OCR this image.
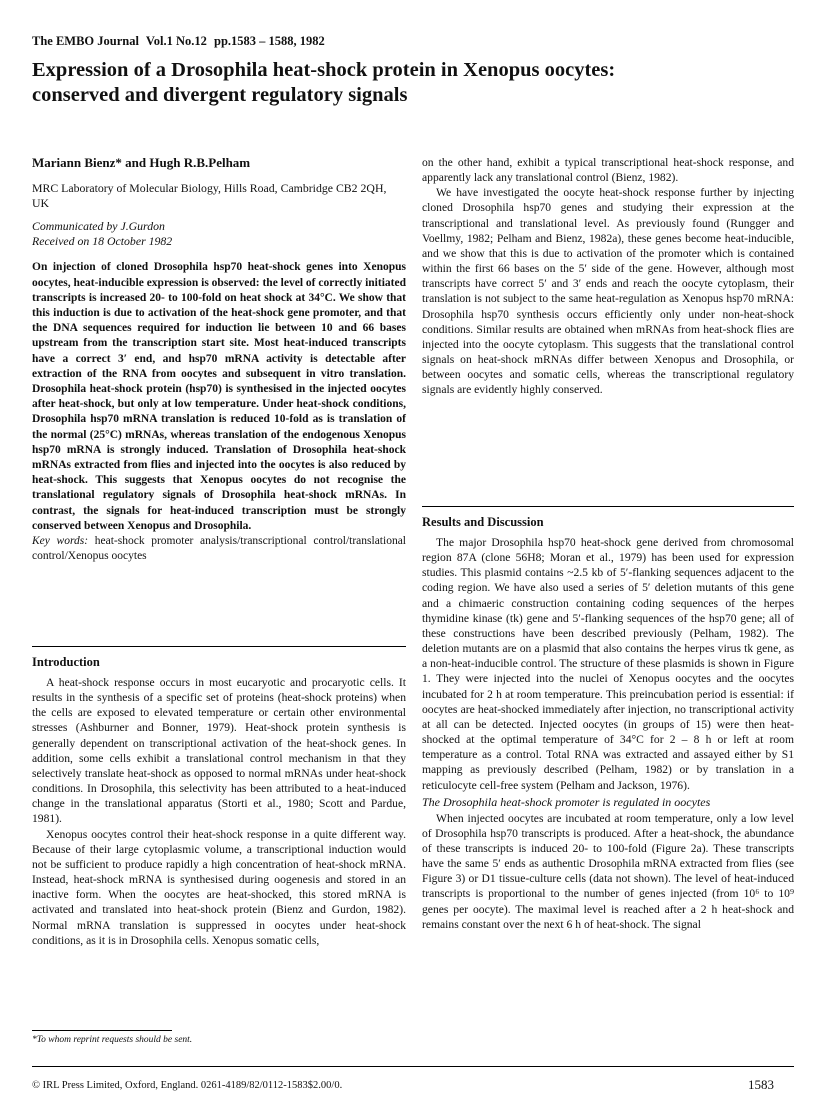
The EMBO Journal Vol.1 No.12 pp.1583 – 1588, 1982
Expression of a Drosophila heat-shock protein in Xenopus oocytes:
conserved and divergent regulatory signals

Mariann Bienz* and Hugh R.B.Pelham

MRC Laboratory of Molecular Biology, Hills Road, Cambridge CB2 2QH, UK

Communicated by J.Gurdon
Received on 18 October 1982

On injection of cloned Drosophila hsp70 heat-shock genes into Xenopus oocytes, heat-inducible expression is observed: the level of correctly initiated transcripts is increased 20- to 100-fold on heat shock at 34°C. We show that this induction is due to activation of the heat-shock gene promoter, and that the DNA sequences required for induction lie between 10 and 66 bases upstream from the transcription start site. Most heat-induced transcripts have a correct 3′ end, and hsp70 mRNA activity is detectable after extraction of the RNA from oocytes and subsequent in vitro translation. Drosophila heat-shock protein (hsp70) is synthesised in the injected oocytes after heat-shock, but only at low temperature. Under heat-shock conditions, Drosophila hsp70 mRNA translation is reduced 10-fold as is translation of the normal (25°C) mRNAs, whereas translation of the endogenous Xenopus hsp70 mRNA is strongly induced. Translation of Drosophila heat-shock mRNAs extracted from flies and injected into the oocytes is also reduced by heat-shock. This suggests that Xenopus oocytes do not recognise the translational regulatory signals of Drosophila heat-shock mRNAs. In contrast, the signals for heat-induced transcription must be strongly conserved between Xenopus and Drosophila.

Key words: heat-shock promoter analysis/transcriptional control/translational control/Xenopus oocytes

Introduction

A heat-shock response occurs in most eucaryotic and procaryotic cells. It results in the synthesis of a specific set of proteins (heat-shock proteins) when the cells are exposed to elevated temperature or certain other environmental stresses (Ashburner and Bonner, 1979). Heat-shock protein synthesis is generally dependent on transcriptional activation of the heat-shock genes. In addition, some cells exhibit a translational control mechanism in that they selectively translate heat-shock as opposed to normal mRNAs under heat-shock conditions. In Drosophila, this selectivity has been attributed to a heat-induced change in the translational apparatus (Storti et al., 1980; Scott and Pardue, 1981).

Xenopus oocytes control their heat-shock response in a quite different way. Because of their large cytoplasmic volume, a transcriptional induction would not be sufficient to produce rapidly a high concentration of heat-shock mRNA. Instead, heat-shock mRNA is synthesised during oogenesis and stored in an inactive form. When the oocytes are heat-shocked, this stored mRNA is activated and translated into heat-shock protein (Bienz and Gurdon, 1982). Normal mRNA translation is suppressed in oocytes under heat-shock conditions, as it is in Drosophila cells. Xenopus somatic cells,

*To whom reprint requests should be sent.

on the other hand, exhibit a typical transcriptional heat-shock response, and apparently lack any translational control (Bienz, 1982).

We have investigated the oocyte heat-shock response further by injecting cloned Drosophila hsp70 genes and studying their expression at the transcriptional and translational level. As previously found (Rungger and Voellmy, 1982; Pelham and Bienz, 1982a), these genes become heat-inducible, and we show that this is due to activation of the promoter which is contained within the first 66 bases on the 5′ side of the gene. However, although most transcripts have correct 5′ and 3′ ends and reach the oocyte cytoplasm, their translation is not subject to the same heat-regulation as Xenopus hsp70 mRNA: Drosophila hsp70 synthesis occurs efficiently only under non-heat-shock conditions. Similar results are obtained when mRNAs from heat-shock flies are injected into the oocyte cytoplasm. This suggests that the translational control signals on heat-shock mRNAs differ between Xenopus and Drosophila, or between oocytes and somatic cells, whereas the transcriptional regulatory signals are evidently highly conserved.

Results and Discussion

The major Drosophila hsp70 heat-shock gene derived from chromosomal region 87A (clone 56H8; Moran et al., 1979) has been used for expression studies. This plasmid contains ~2.5 kb of 5′-flanking sequences adjacent to the coding region. We have also used a series of 5′ deletion mutants of this gene and a chimaeric construction containing coding sequences of the herpes thymidine kinase (tk) gene and 5′-flanking sequences of the hsp70 gene; all of these constructions have been described previously (Pelham, 1982). The deletion mutants are on a plasmid that also contains the herpes virus tk gene, as a non-heat-inducible control. The structure of these plasmids is shown in Figure 1. They were injected into the nuclei of Xenopus oocytes and the oocytes incubated for 2 h at room temperature. This preincubation period is essential: if oocytes are heat-shocked immediately after injection, no transcriptional activity at all can be detected. Injected oocytes (in groups of 15) were then heat-shocked at the optimal temperature of 34°C for 2 – 8 h or left at room temperature as a control. Total RNA was extracted and assayed either by S1 mapping as previously described (Pelham, 1982) or by translation in a reticulocyte cell-free system (Pelham and Jackson, 1976).

The Drosophila heat-shock promoter is regulated in oocytes

When injected oocytes are incubated at room temperature, only a low level of Drosophila hsp70 transcripts is produced. After a heat-shock, the abundance of these transcripts is induced 20- to 100-fold (Figure 2a). These transcripts have the same 5′ ends as authentic Drosophila mRNA extracted from flies (see Figure 3) or D1 tissue-culture cells (data not shown). The level of heat-induced transcripts is proportional to the number of genes injected (from 10⁶ to 10⁹ genes per oocyte). The maximal level is reached after a 2 h heat-shock and remains constant over the next 6 h of heat-shock. The signal

© IRL Press Limited, Oxford, England. 0261-4189/82/0112-1583$2.00/0.	1583
